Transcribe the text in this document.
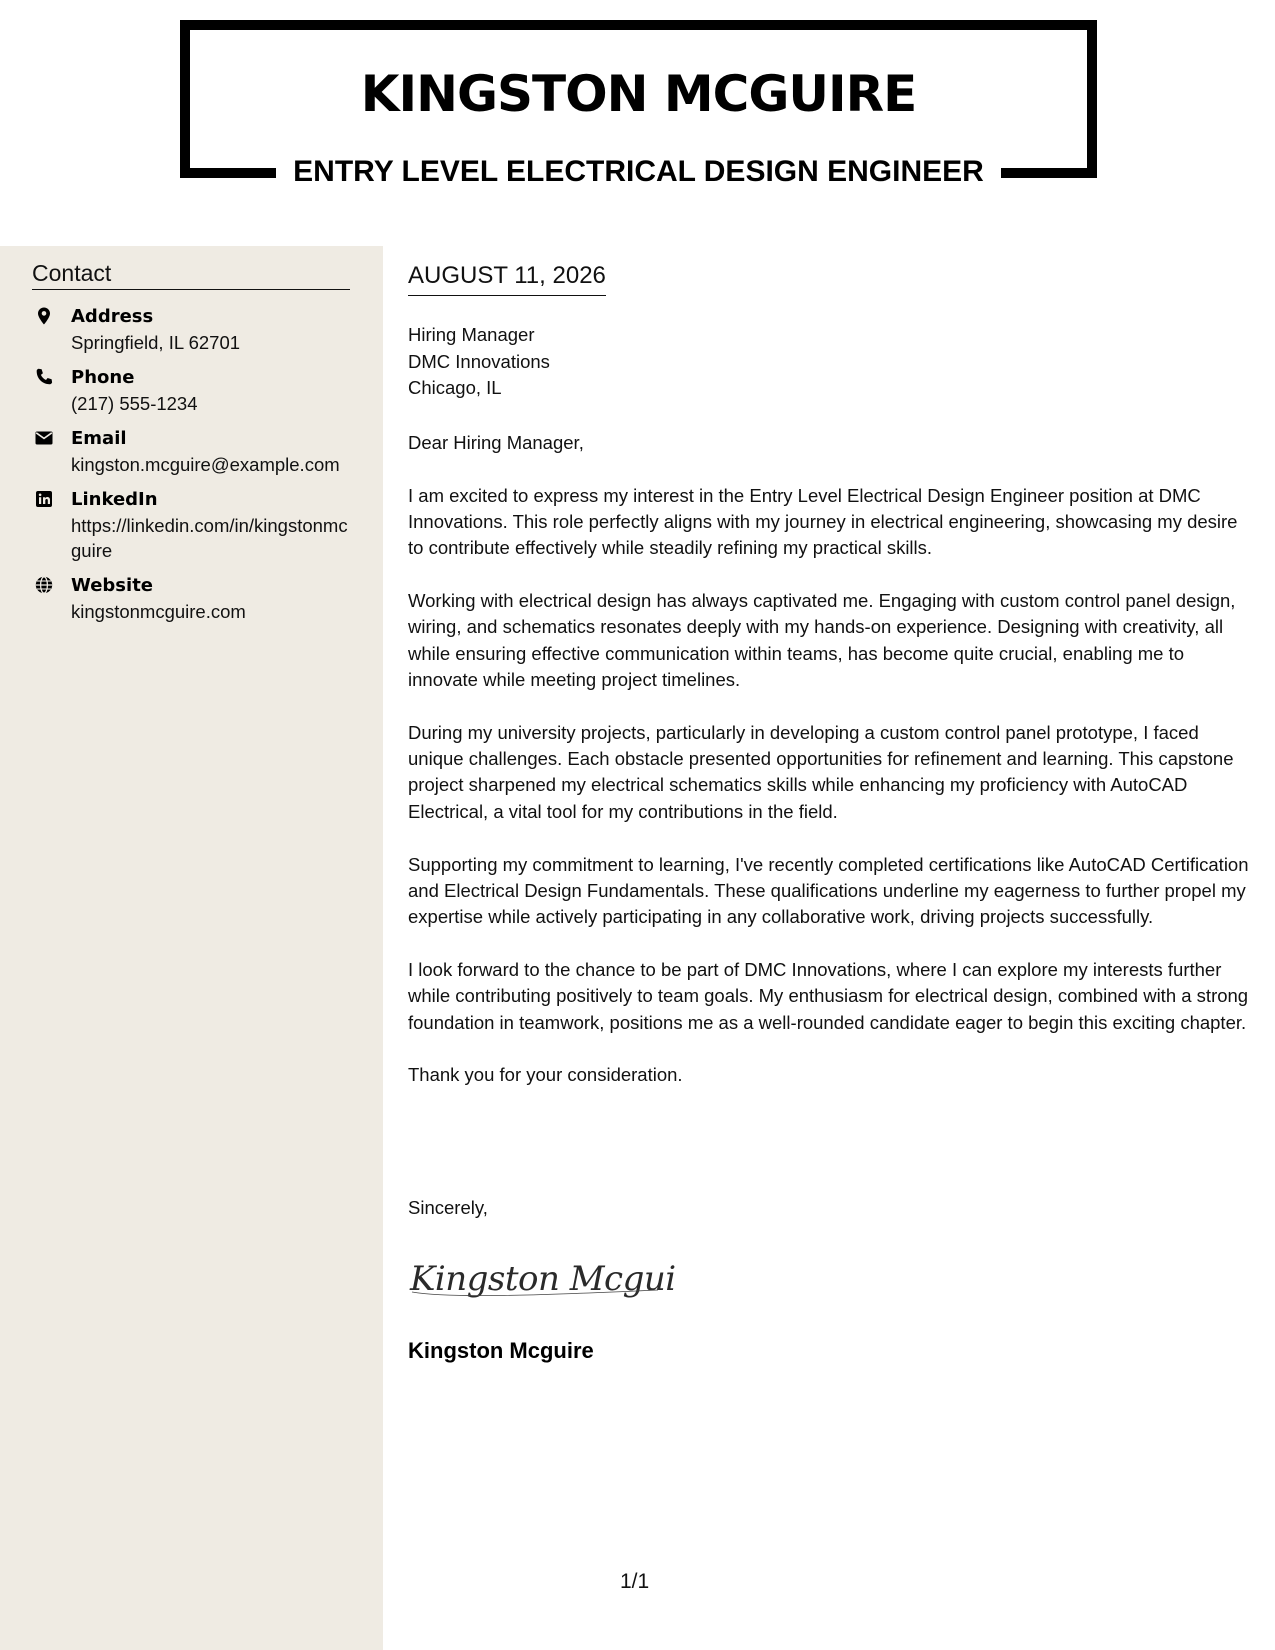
KINGSTON MCGUIRE
ENTRY LEVEL ELECTRICAL DESIGN ENGINEER
Contact
Address
Springfield, IL 62701
Phone
(217) 555-1234
Email
kingston.mcguire@example.com
LinkedIn
https://linkedin.com/in/kingstonmcguire
Website
kingstonmcguire.com
AUGUST 11, 2026
Hiring Manager
DMC Innovations
Chicago, IL

Dear Hiring Manager,

I am excited to express my interest in the Entry Level Electrical Design Engineer position at DMC Innovations. This role perfectly aligns with my journey in electrical engineering, showcasing my desire to contribute effectively while steadily refining my practical skills.

Working with electrical design has always captivated me. Engaging with custom control panel design, wiring, and schematics resonates deeply with my hands-on experience. Designing with creativity, all while ensuring effective communication within teams, has become quite crucial, enabling me to innovate while meeting project timelines.

During my university projects, particularly in developing a custom control panel prototype, I faced unique challenges. Each obstacle presented opportunities for refinement and learning. This capstone project sharpened my electrical schematics skills while enhancing my proficiency with AutoCAD Electrical, a vital tool for my contributions in the field.

Supporting my commitment to learning, I've recently completed certifications like AutoCAD Certification and Electrical Design Fundamentals. These qualifications underline my eagerness to further propel my expertise while actively participating in any collaborative work, driving projects successfully.

I look forward to the chance to be part of DMC Innovations, where I can explore my interests further while contributing positively to team goals. My enthusiasm for electrical design, combined with a strong foundation in teamwork, positions me as a well-rounded candidate eager to begin this exciting chapter.

Thank you for your consideration.

Sincerely,
Kingston Mcguir
Kingston Mcguire
1/1
